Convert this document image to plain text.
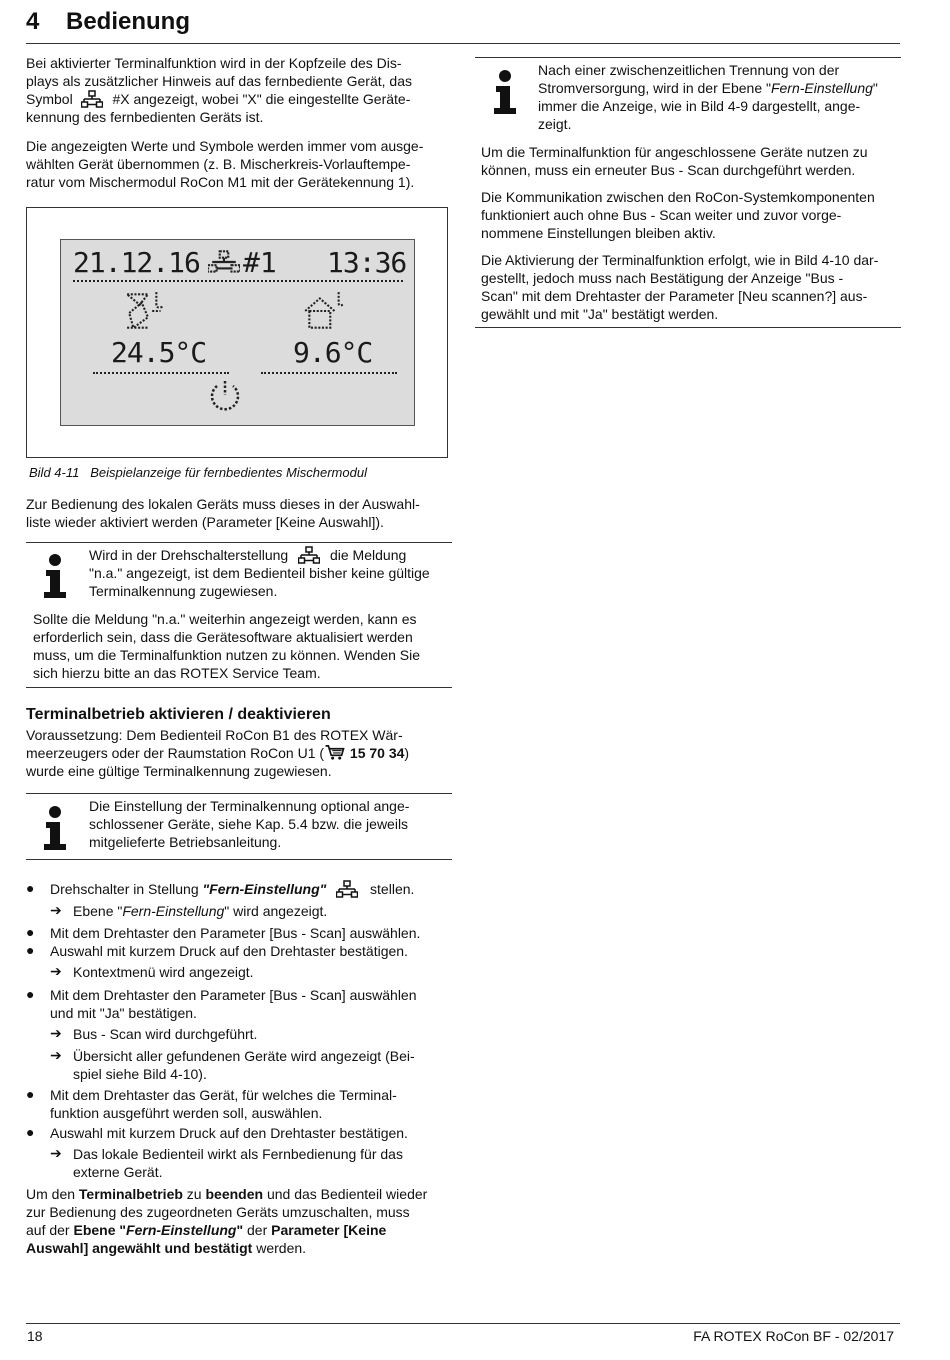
4 Bedienung
Bei aktivierter Terminalfunktion wird in der Kopfzeile des Dis-
plays als zusätzlicher Hinweis auf das fernbediente Gerät, das
Symbol	#X angezeigt, wobei "X" die eingestellte Geräte-
kennung des fernbedienten Geräts ist.
Die angezeigten Werte und Symbole werden immer vom ausge-
wählten Gerät übernommen (z. B. Mischerkreis-Vorlauftempe-
ratur vom Mischermodul RoCon M1 mit der Gerätekennung 1).
21.12.16 #1 13:36
24.5°C	9.6°C
Bild 4-11 Beispielanzeige für fernbedientes Mischermodul
Zur Bedienung des lokalen Geräts muss dieses in der Auswahl-
liste wieder aktiviert werden (Parameter [Keine Auswahl]).
Wird in der Drehschalterstellung	die Meldung
"n.a." angezeigt, ist dem Bedienteil bisher keine gültige
Terminalkennung zugewiesen.
Sollte die Meldung "n.a." weiterhin angezeigt werden, kann es
erforderlich sein, dass die Gerätesoftware aktualisiert werden
muss, um die Terminalfunktion nutzen zu können. Wenden Sie
sich hierzu bitte an das ROTEX Service Team.
Terminalbetrieb aktivieren / deaktivieren
Voraussetzung: Dem Bedienteil RoCon B1 des ROTEX Wär-
meerzeugers oder der Raumstation RoCon U1 ( 15 70 34)
wurde eine gültige Terminalkennung zugewiesen.
Die Einstellung der Terminalkennung optional ange-
schlossener Geräte, siehe Kap. 5.4 bzw. die jeweils
mitgelieferte Betriebsanleitung.
● Drehschalter in Stellung "Fern-Einstellung"	stellen.
➔ Ebene "Fern-Einstellung" wird angezeigt.
● Mit dem Drehtaster den Parameter [Bus - Scan] auswählen.
● Auswahl mit kurzem Druck auf den Drehtaster bestätigen.
➔ Kontextmenü wird angezeigt.
● Mit dem Drehtaster den Parameter [Bus - Scan] auswählen
und mit "Ja" bestätigen.
➔ Bus - Scan wird durchgeführt.
➔ Übersicht aller gefundenen Geräte wird angezeigt (Bei-
spiel siehe Bild 4-10).
● Mit dem Drehtaster das Gerät, für welches die Terminal-
funktion ausgeführt werden soll, auswählen.
● Auswahl mit kurzem Druck auf den Drehtaster bestätigen.
➔ Das lokale Bedienteil wirkt als Fernbedienung für das
externe Gerät.
Um den Terminalbetrieb zu beenden und das Bedienteil wieder
zur Bedienung des zugeordneten Geräts umzuschalten, muss
auf der Ebene "Fern-Einstellung" der Parameter [Keine
Auswahl] angewählt und bestätigt werden.
Nach einer zwischenzeitlichen Trennung von der
Stromversorgung, wird in der Ebene "Fern-Einstellung"
immer die Anzeige, wie in Bild 4-9 dargestellt, ange-
zeigt.
Um die Terminalfunktion für angeschlossene Geräte nutzen zu
können, muss ein erneuter Bus - Scan durchgeführt werden.
Die Kommunikation zwischen den RoCon-Systemkomponenten
funktioniert auch ohne Bus - Scan weiter und zuvor vorge-
nommene Einstellungen bleiben aktiv.
Die Aktivierung der Terminalfunktion erfolgt, wie in Bild 4-10 dar-
gestellt, jedoch muss nach Bestätigung der Anzeige "Bus -
Scan" mit dem Drehtaster der Parameter [Neu scannen?] aus-
gewählt und mit "Ja" bestätigt werden.
18	FA ROTEX RoCon BF - 02/2017
